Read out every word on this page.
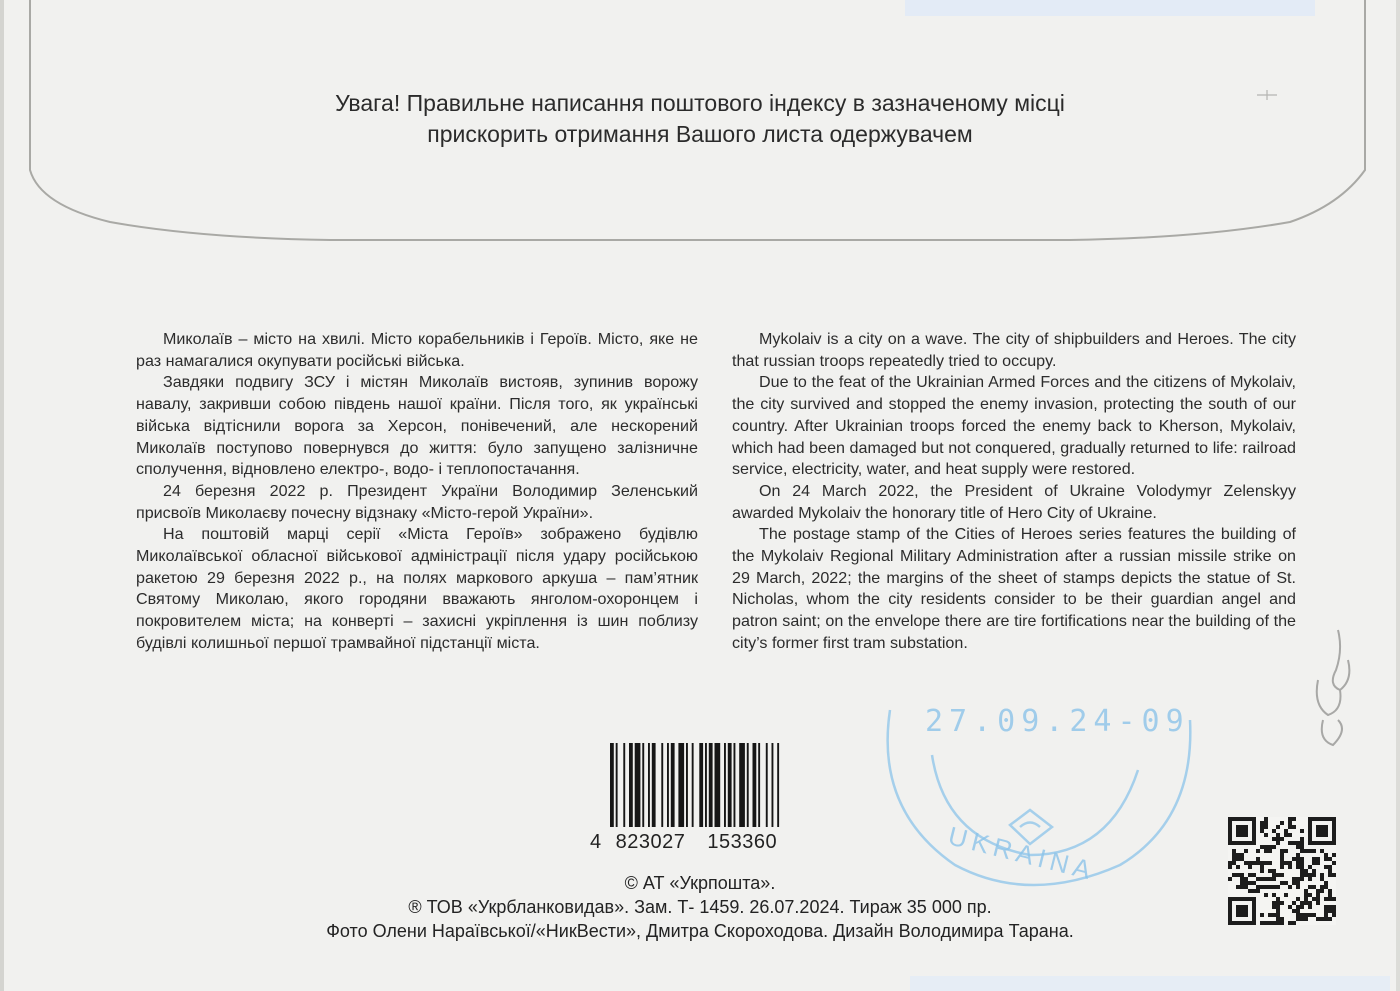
Увага! Правильне написання поштового індексу в зазначеному місці
прискорить отримання Вашого листа одержувачем

Миколаїв – місто на хвилі. Місто корабельників і Героїв. Місто, яке не раз намагалися окупувати російські війська.

Завдяки подвигу ЗСУ і містян Миколаїв вистояв, зупинив ворожу навалу, закривши собою південь нашої країни. Після того, як українські війська відтіснили ворога за Херсон, понівечений, але нескорений Миколаїв поступово повернувся до життя: було запущено залізничне сполучення, відновлено електро-, водо- і теплопостачання.

24 березня 2022 р. Президент України Володимир Зеленський присвоїв Миколаєву почесну відзнаку «Місто-герой України».

На поштовій марці серії «Міста Героїв» зображено будівлю Миколаївської обласної військової адміністрації після удару російською ракетою 29 березня 2022 р., на полях маркового аркуша – пам’ятник Святому Миколаю, якого городяни вважають янголом-охоронцем і покровителем міста; на конверті – захисні укріплення із шин поблизу будівлі колишньої першої трамвайної підстанції міста.

Mykolaiv is a city on a wave. The city of shipbuilders and Heroes. The city that russian troops repeatedly tried to occupy.

Due to the feat of the Ukrainian Armed Forces and the citizens of Mykolaiv, the city survived and stopped the enemy invasion, protecting the south of our country. After Ukrainian troops forced the enemy back to Kherson, Mykolaiv, which had been damaged but not conquered, gradually returned to life: railroad service, electricity, water, and heat supply were restored.

On 24 March 2022, the President of Ukraine Volodymyr Zelenskyy awarded Mykolaiv the honorary title of Hero City of Ukraine.

The postage stamp of the Cities of Heroes series features the building of the Mykolaiv Regional Military Administration after a russian missile strike on 29 March, 2022; the margins of the sheet of stamps depicts the statue of St. Nicholas, whom the city residents consider to be their guardian angel and patron saint; on the envelope there are tire fortifications near the building of the city’s former first tram substation.

UKRAINA
27.09.24-09
4 823027 153360
© АТ «Укрпошта».
® ТОВ «Укрбланковидав». Зам. Т- 1459. 26.07.2024. Тираж 35 000 пр.
Фото Олени Нараївської/«НикВести», Дмитра Скороходова. Дизайн Володимира Тарана.
